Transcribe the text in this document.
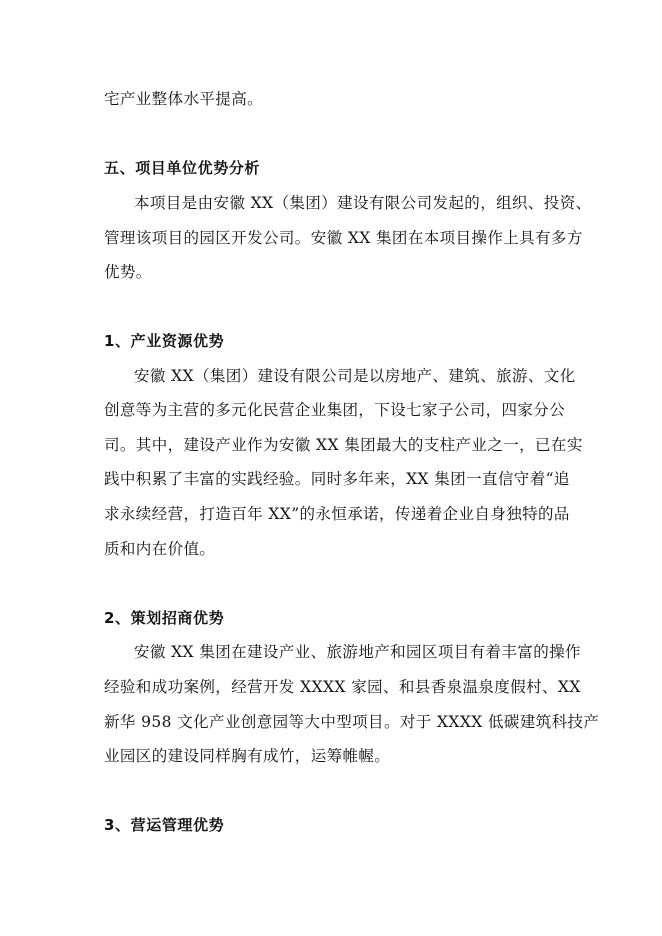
宅产业整体水平提高。
五、项目单位优势分析
本项目是由安徽 XX（集团）建设有限公司发起的，组织、投资、
管理该项目的园区开发公司。安徽 XX 集团在本项目操作上具有多方
优势。
1、产业资源优势
安徽 XX（集团）建设有限公司是以房地产、建筑、旅游、文化
创意等为主营的多元化民营企业集团，下设七家子公司，四家分公
司。其中，建设产业作为安徽 XX 集团最大的支柱产业之一，已在实
践中积累了丰富的实践经验。同时多年来，XX 集团一直信守着“追
求永续经营，打造百年 XX”的永恒承诺，传递着企业自身独特的品
质和内在价值。
2、策划招商优势
安徽 XX 集团在建设产业、旅游地产和园区项目有着丰富的操作
经验和成功案例，经营开发 XXXX 家园、和县香泉温泉度假村、XX
新华 958 文化产业创意园等大中型项目。对于 XXXX 低碳建筑科技产
业园区的建设同样胸有成竹，运筹帷幄。
3、营运管理优势
